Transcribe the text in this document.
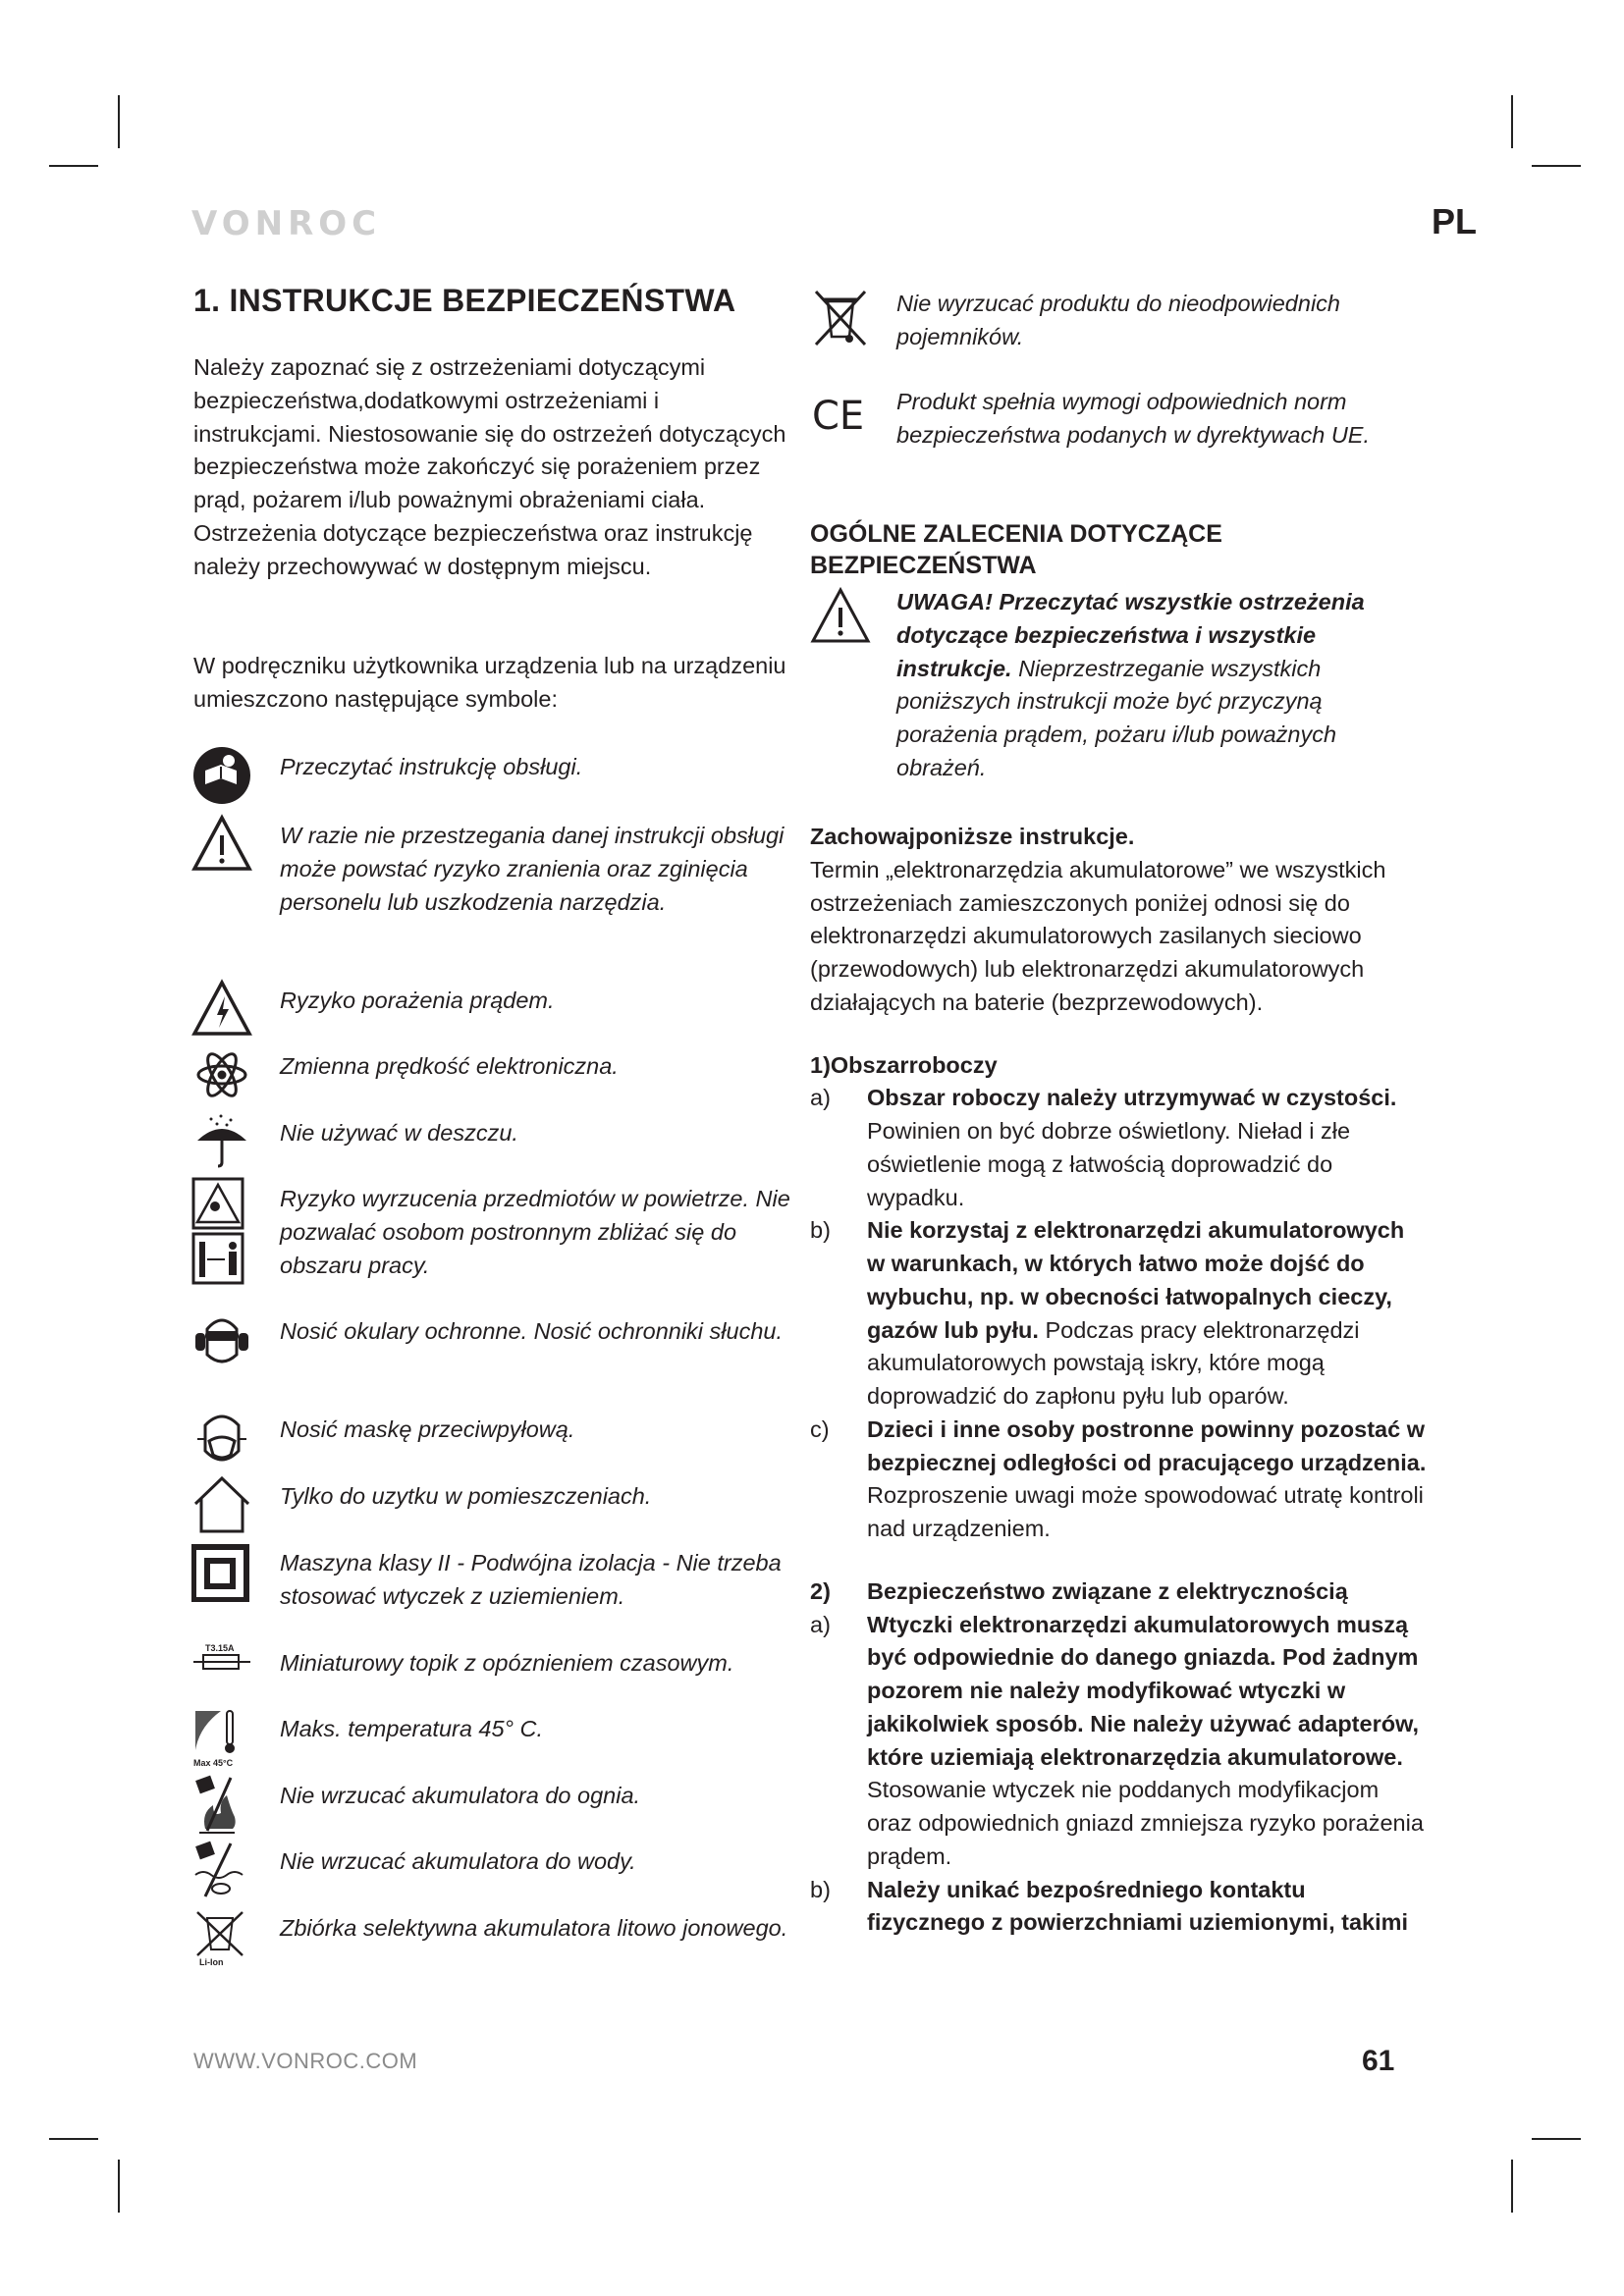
VONROC	PL
1. INSTRUKCJE BEZPIECZEŃSTWA
Należy zapoznać się z ostrzeżeniami dotyczącymi bezpieczeństwa,dodatkowymi ostrzeżeniami i instrukcjami. Niestosowanie się do ostrzeżeń dotyczących bezpieczeństwa może zakończyć się porażeniem przez prąd, pożarem i/lub poważnymi obrażeniami ciała. Ostrzeżenia dotyczące bezpieczeństwa oraz instrukcję należy przechowywać w dostępnym miejscu.
W podręczniku użytkownika urządzenia lub na urządzeniu umieszczono następujące symbole:
Przeczytać instrukcję obsługi.
W razie nie przestzegania danej instrukcji obsługi może powstać ryzyko zranienia oraz zginięcia personelu lub uszkodzenia narzędzia.
Ryzyko porażenia prądem.
Zmienna prędkość elektroniczna.
Nie używać w deszczu.
Ryzyko wyrzucenia przedmiotów w powietrze. Nie pozwalać osobom postronnym zbliżać się do obszaru pracy.
Nosić okulary ochronne. Nosić ochronniki słuchu.
Nosić maskę przeciwpyłową.
Tylko do uzytku w pomieszczeniach.
Maszyna klasy II - Podwójna izolacja - Nie trzeba stosować wtyczek z uziemieniem.
T3.15A
Miniaturowy topik z opóznieniem czasowym.
Max 45°C
Maks. temperatura 45° C.
Nie wrzucać akumulatora do ognia.
Nie wrzucać akumulatora do wody.
Li-Ion
Zbiórka selektywna akumulatora litowo jonowego.
Nie wyrzucać produktu do nieodpowiednich pojemników.
CE Produkt spełnia wymogi odpowiednich norm bezpieczeństwa podanych w dyrektywach UE.
OGÓLNE ZALECENIA DOTYCZĄCE BEZPIECZEŃSTWA
UWAGA! Przeczytać wszystkie ostrzeżenia dotyczące bezpieczeństwa i wszystkie instrukcje. Nieprzestrzeganie wszystkich poniższych instrukcji może być przyczyną porażenia prądem, pożaru i/lub poważnych obrażeń.
Zachowajponiższe instrukcje.
Termin „elektronarzędzia akumulatorowe” we wszystkich ostrzeżeniach zamieszczonych poniżej odnosi się do elektronarzędzi akumulatorowych zasilanych sieciowo (przewodowych) lub elektronarzędzi akumulatorowych działających na baterie (bezprzewodowych).
1)Obszarroboczy
a)	Obszar roboczy należy utrzymywać w czystości. Powinien on być dobrze oświetlony. Nieład i złe oświetlenie mogą z łatwością doprowadzić do wypadku.
b)	Nie korzystaj z elektronarzędzi akumulatorowych w warunkach, w których łatwo może dojść do wybuchu, np. w obecności łatwopalnych cieczy, gazów lub pyłu. Podczas pracy elektronarzędzi akumulatorowych powstają iskry, które mogą doprowadzić do zapłonu pyłu lub oparów.
c)	Dzieci i inne osoby postronne powinny pozostać w bezpiecznej odległości od pracującego urządzenia. Rozproszenie uwagi może spowodować utratę kontroli nad urządzeniem.
2)	Bezpieczeństwo związane z elektrycznością
a)	Wtyczki elektronarzędzi akumulatorowych muszą być odpowiednie do danego gniazda. Pod żadnym pozorem nie należy modyfikować wtyczki w jakikolwiek sposób. Nie należy używać adapterów, które uziemiają elektronarzędzia akumulatorowe. Stosowanie wtyczek nie poddanych modyfikacjom oraz odpowiednich gniazd zmniejsza ryzyko porażenia prądem.
b)	Należy unikać bezpośredniego kontaktu fizycznego z powierzchniami uziemionymi, takimi
WWW.VONROC.COM	61
